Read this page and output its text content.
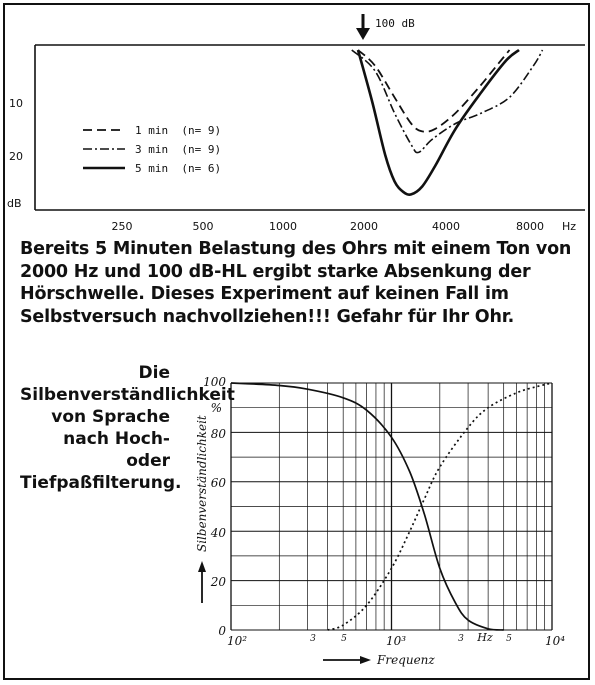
100 dB
10
20
dB
250	500	1000	2000	4000	8000 Hz
1 min  (n= 9)
3 min  (n= 9)
5 min  (n= 6)
Bereits 5 Minuten Belastung des Ohrs mit einem Ton von 2000 Hz und 100 dB-HL ergibt starke Absenkung der Hörschwelle. Dieses Experiment auf keinen Fall im Selbstversuch nachvollziehen!!! Gefahr für Ihr Ohr.
Die Silbenverständlichkeit von Sprache nach Hoch- oder Tiefpaßfilterung.
100
%
80
60
40
20
0
10²	3	5	10³	3 Hz 5	10⁴
Silbenverständlichkeit
Frequenz
